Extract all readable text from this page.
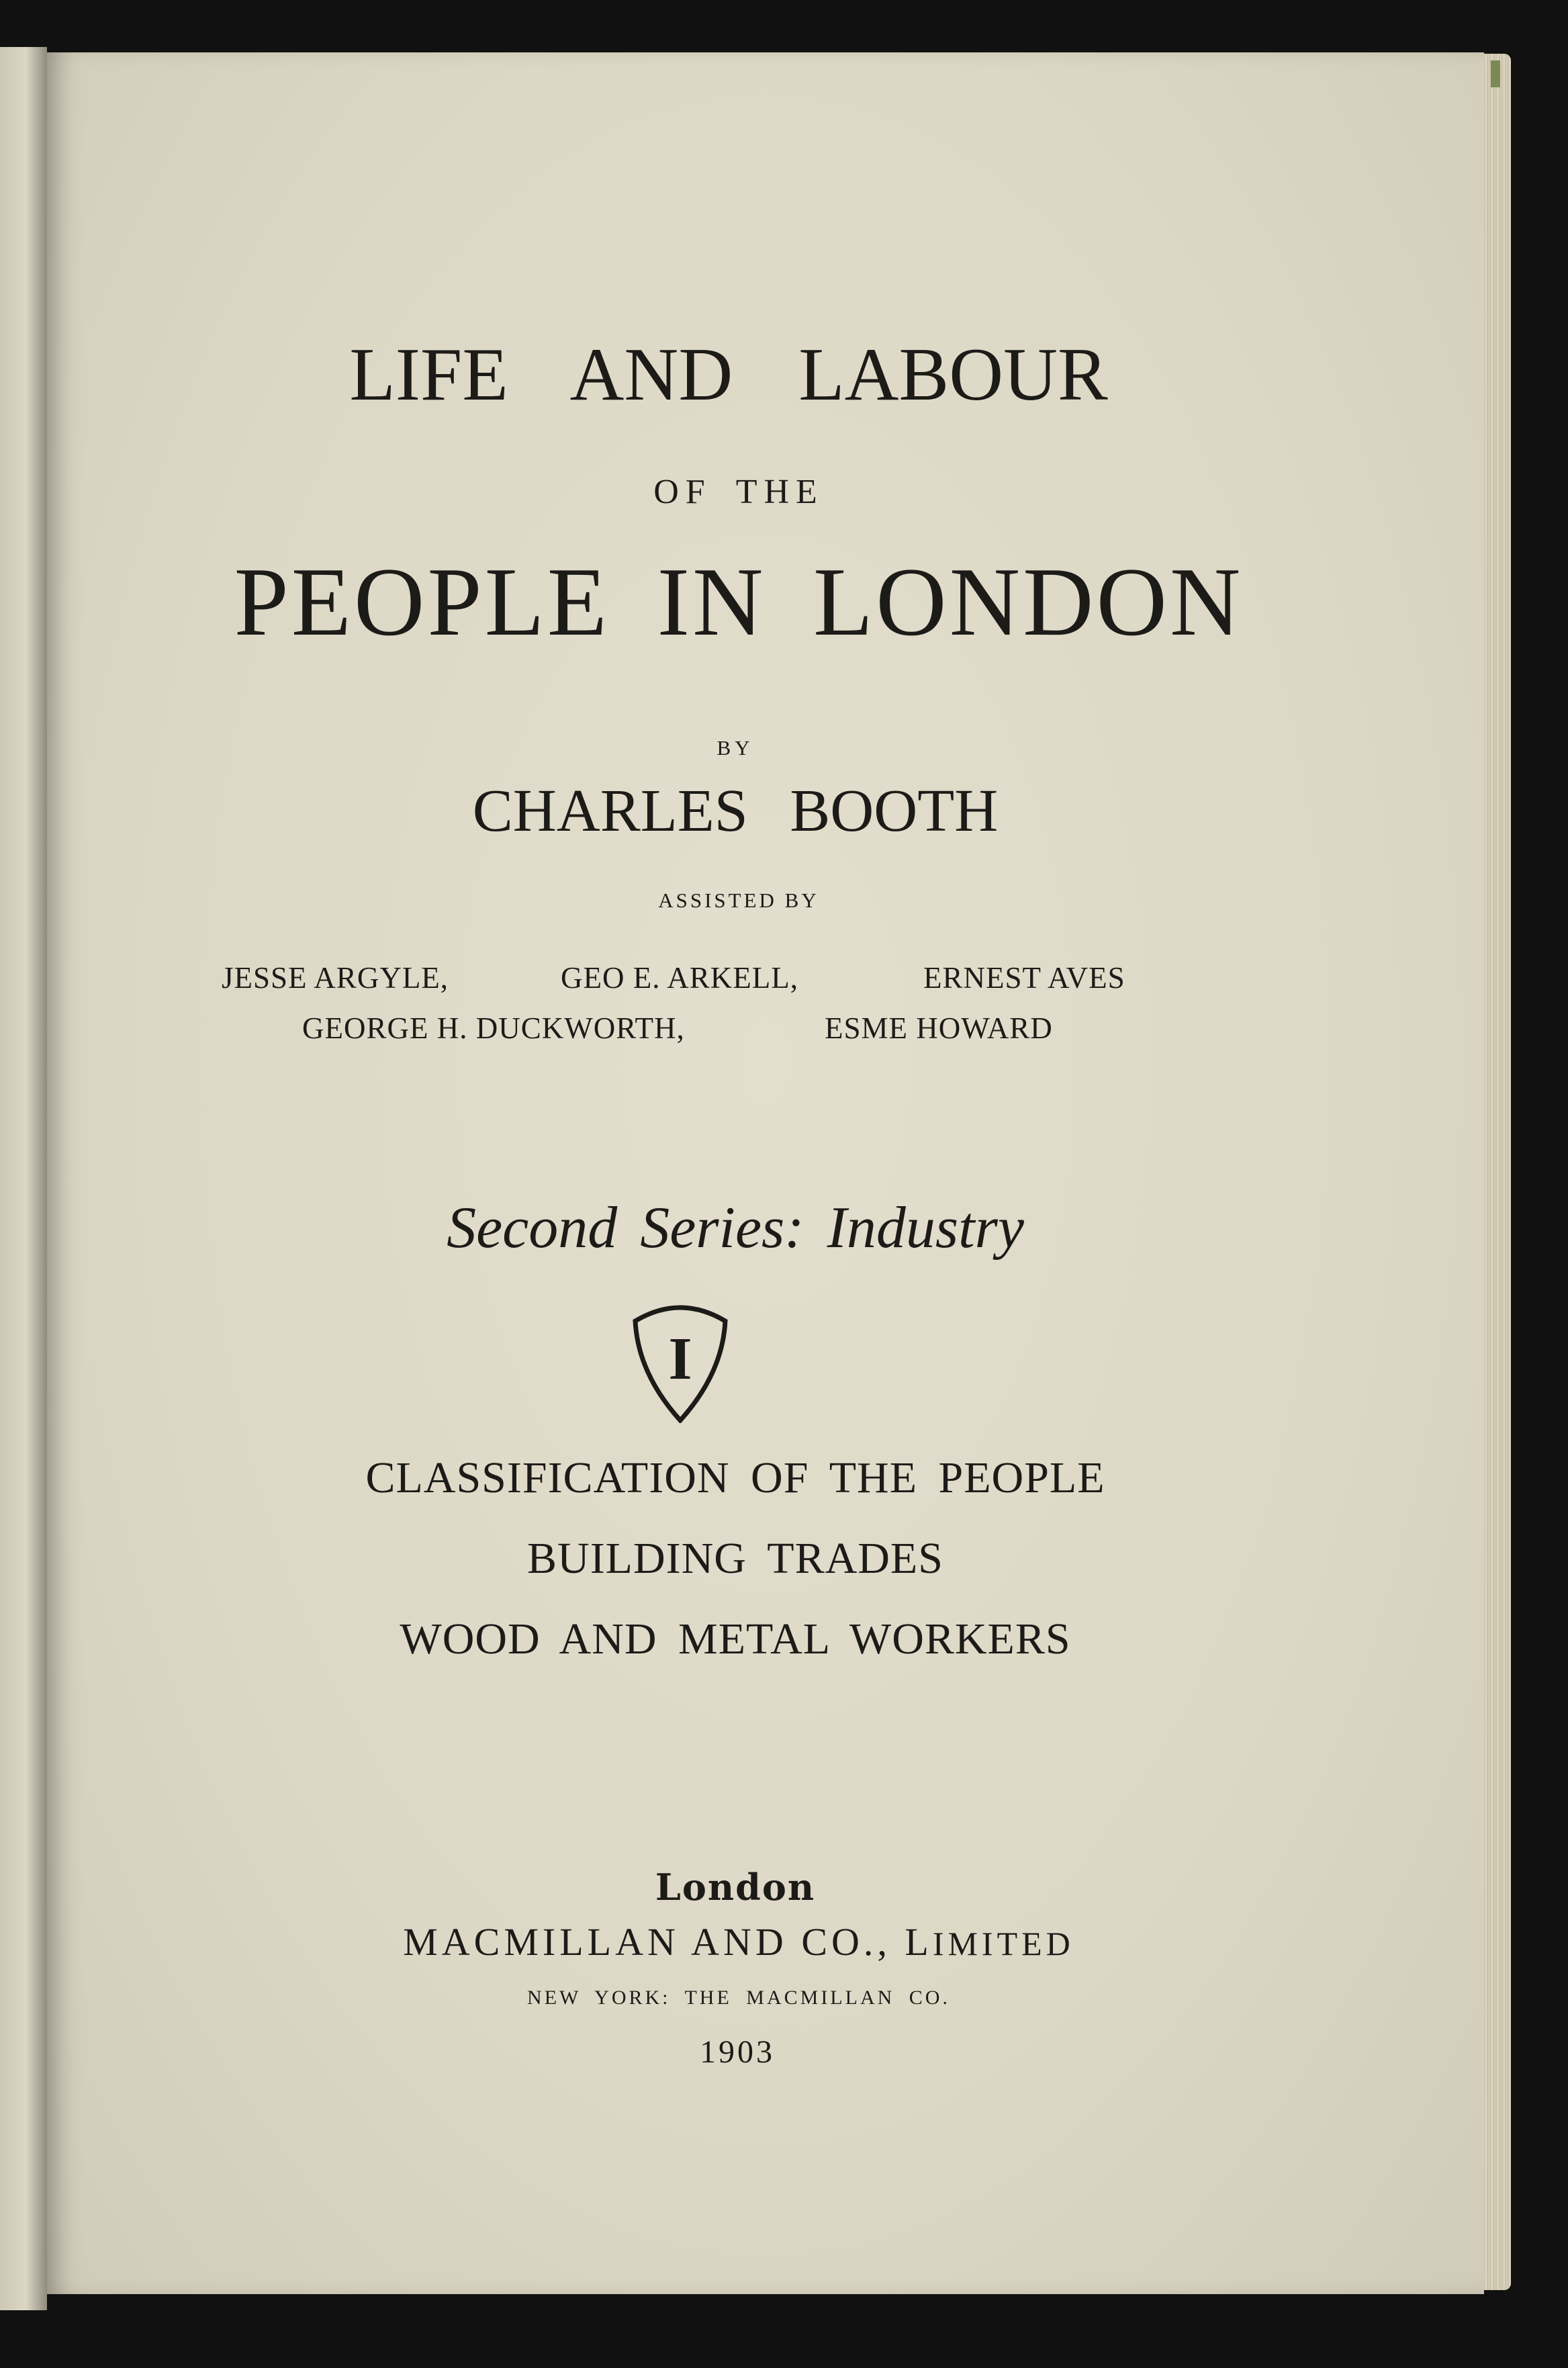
LIFE AND LABOUR
OF THE
PEOPLE IN LONDON
BY
CHARLES BOOTH
ASSISTED BY
JESSE ARGYLE,	GEO E. ARKELL,	ERNEST AVES
GEORGE H. DUCKWORTH,	ESME HOWARD
Second Series: Industry
I
CLASSIFICATION OF THE PEOPLE
BUILDING TRADES
WOOD AND METAL WORKERS
London
MACMILLAN AND CO., LIMITED
NEW YORK: THE MACMILLAN CO.
1903
